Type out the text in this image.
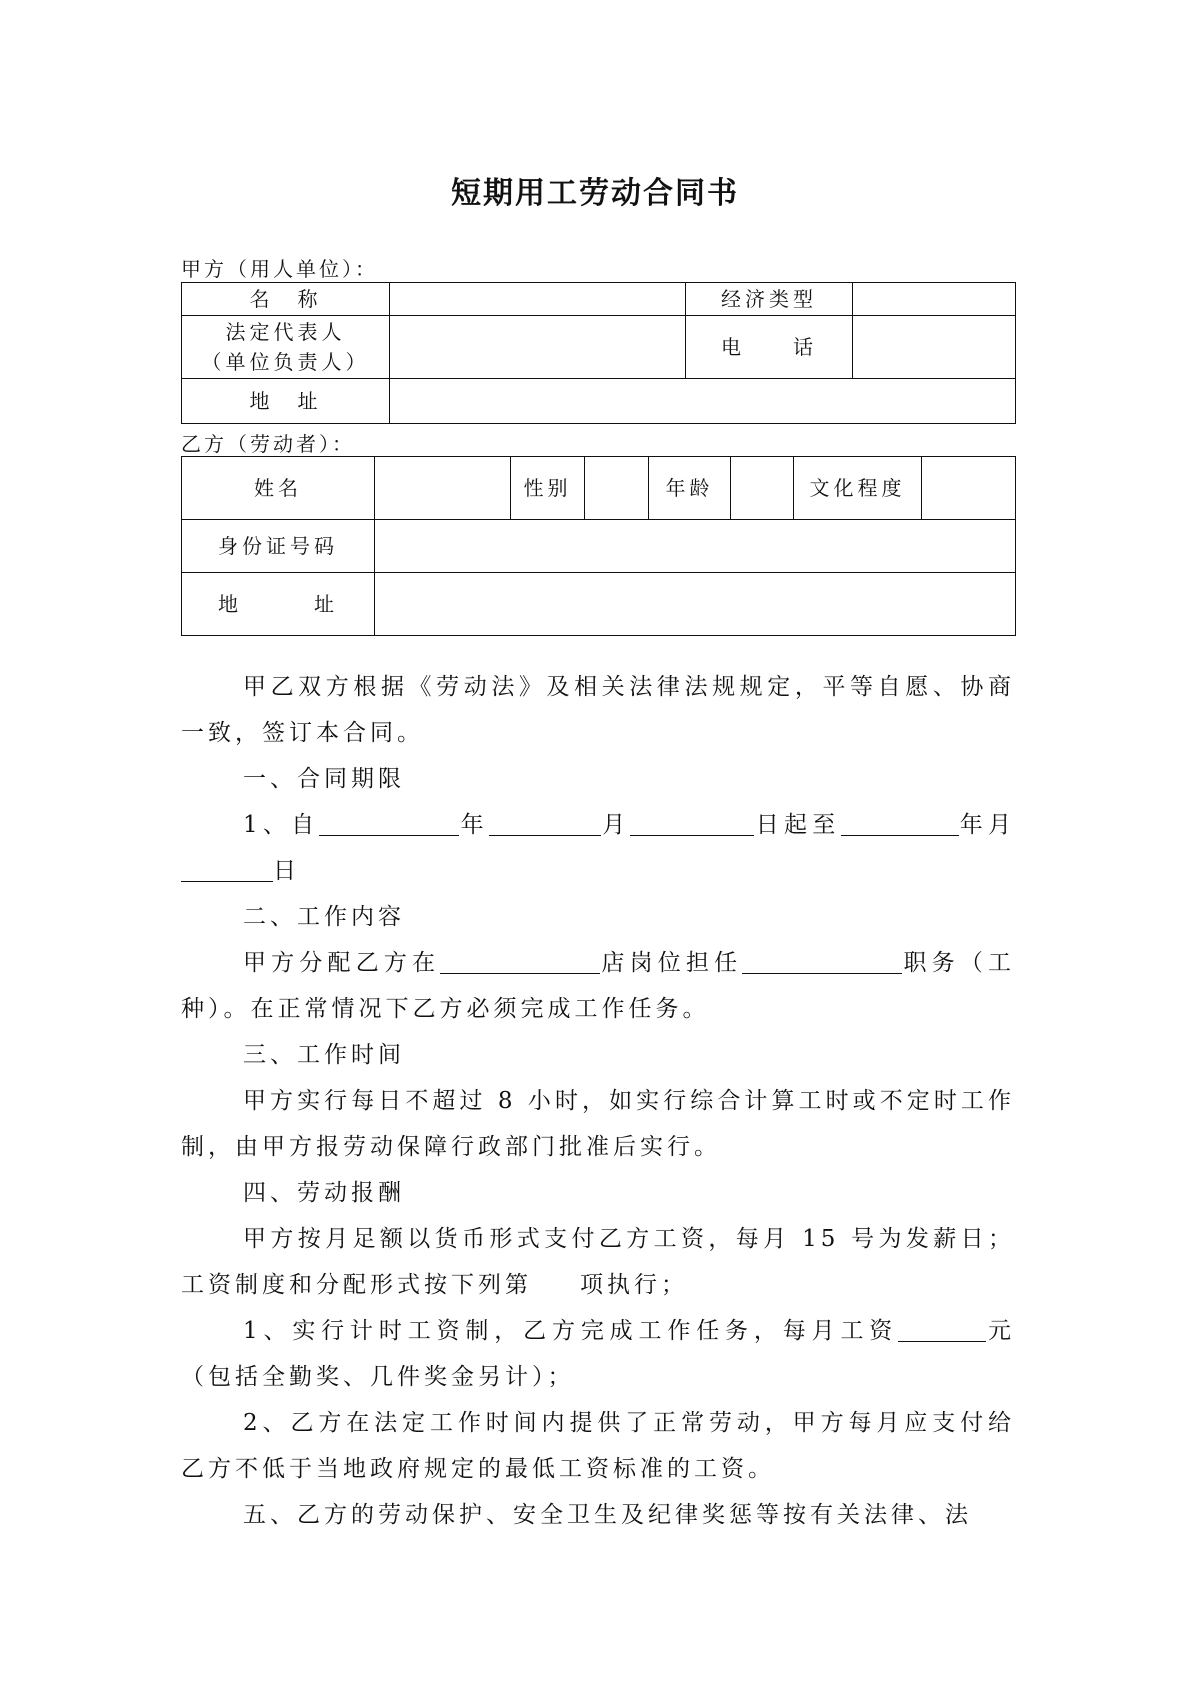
短期用工劳动合同书
甲方（用人单位）：
名　称		经济类型	

法定代表人
（单位负责人）		电　　话	
地　址			
乙方（劳动者）：
姓名		性别		年龄		文化程度	
身份证号码							
地　　　址							

甲乙双方根据《劳动法》及相关法律法规规定，平等自愿、协商一致，签订本合同。

一、合同期限

1、自	年	月	日起至	年月日

二、工作内容

甲方分配乙方在	店岗位担任	职务（工种）。在正常情况下乙方必须完成工作任务。

三、工作时间

甲方实行每日不超过 8 小时，如实行综合计算工时或不定时工作制，由甲方报劳动保障行政部门批准后实行。

四、劳动报酬

甲方按月足额以货币形式支付乙方工资，每月 15 号为发薪日；工资制度和分配形式按下列第 项执行；

1、实行计时工资制，乙方完成工作任务，每月工资	元（包括全勤奖、几件奖金另计）；

2、乙方在法定工作时间内提供了正常劳动，甲方每月应支付给乙方不低于当地政府规定的最低工资标准的工资。

五、乙方的劳动保护、安全卫生及纪律奖惩等按有关法律、法
